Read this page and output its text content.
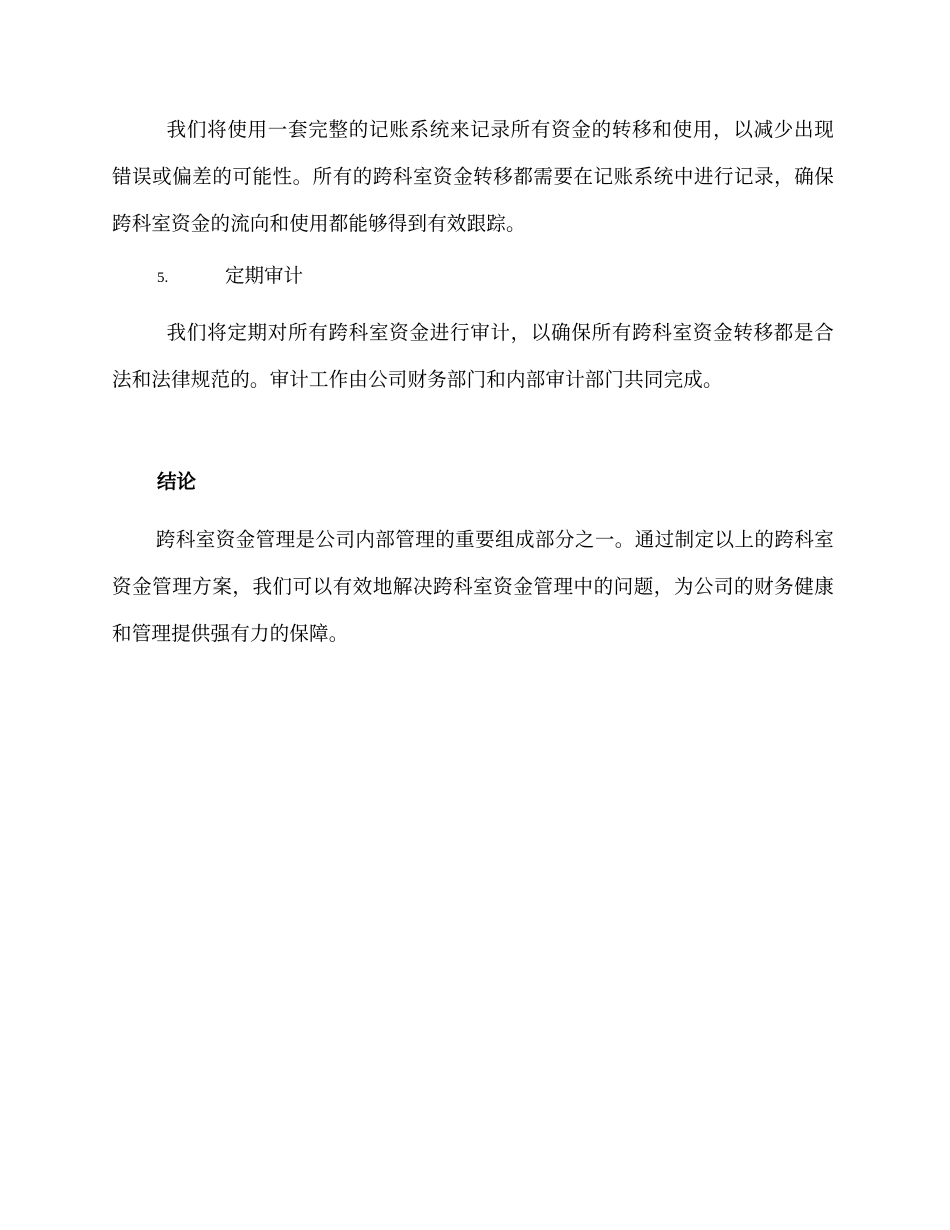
我们将使用一套完整的记账系统来记录所有资金的转移和使用，以减少出现错误或偏差的可能性。所有的跨科室资金转移都需要在记账系统中进行记录，确保跨科室资金的流向和使用都能够得到有效跟踪。

5.	定期审计

我们将定期对所有跨科室资金进行审计，以确保所有跨科室资金转移都是合法和法律规范的。审计工作由公司财务部门和内部审计部门共同完成。

结论

跨科室资金管理是公司内部管理的重要组成部分之一。通过制定以上的跨科室资金管理方案，我们可以有效地解决跨科室资金管理中的问题，为公司的财务健康和管理提供强有力的保障。
